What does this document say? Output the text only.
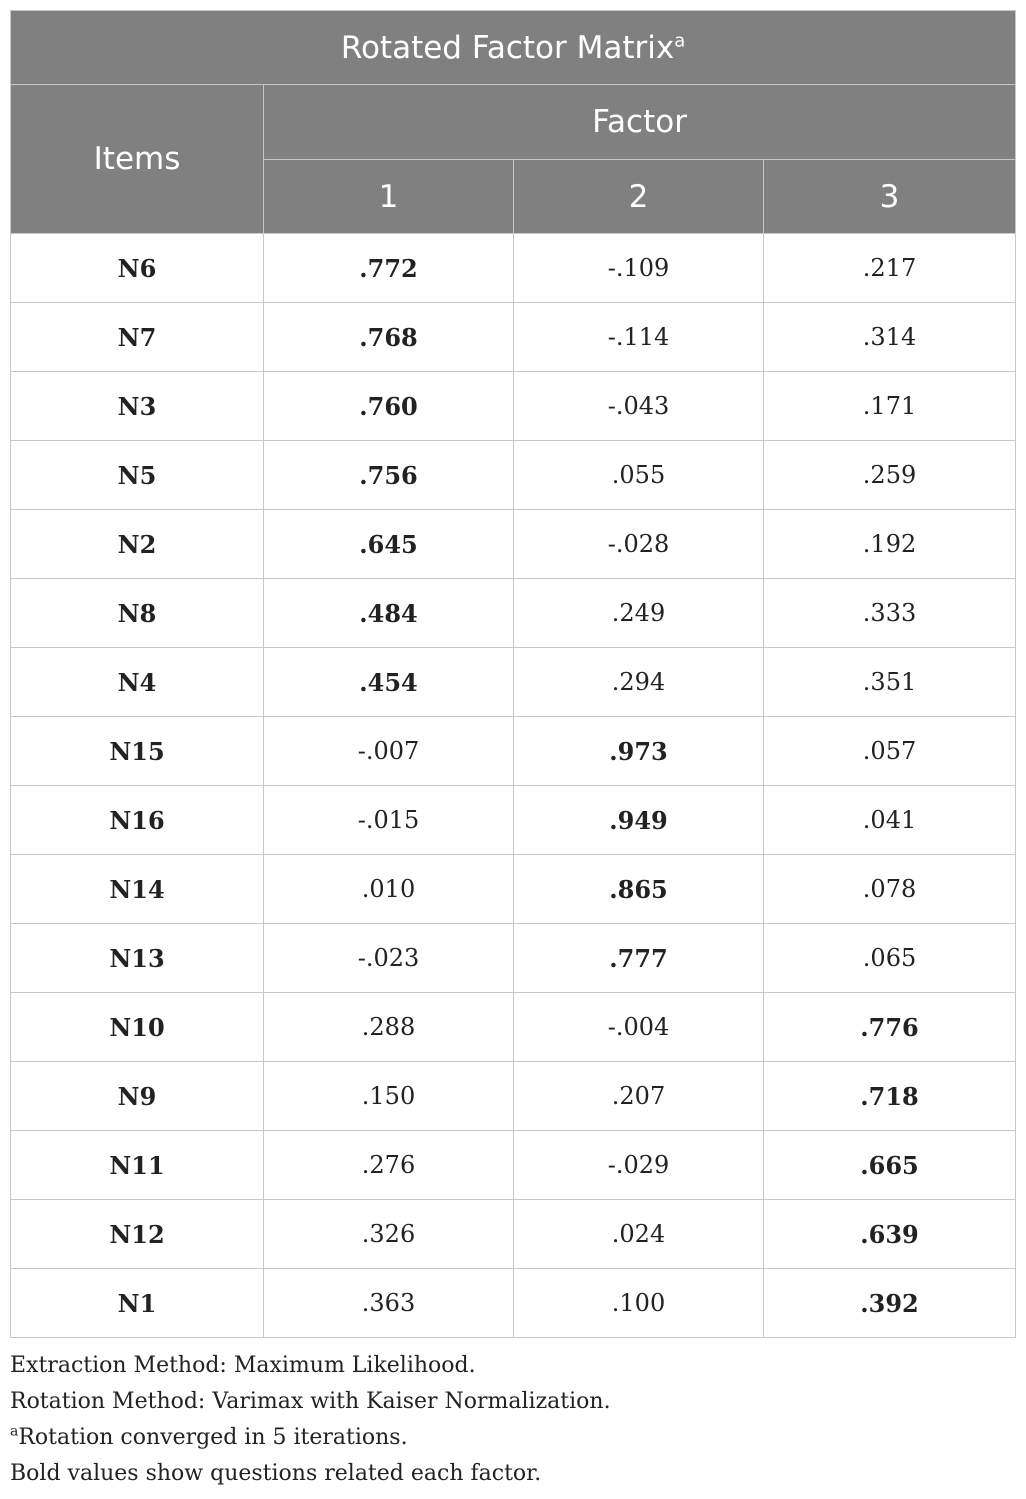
Rotated Factor Matrix$^a$
Items	Factor		
	1	2	3
N6	.772	-.109	.217
N7	.768	-.114	.314
N3	.760	-.043	.171
N5	.756	.055	.259
N2	.645	-.028	.192
N8	.484	.249	.333
N4	.454	.294	.351
N15	-.007	.973	.057
N16	-.015	.949	.041
N14	.010	.865	.078
N13	-.023	.777	.065
N10	.288	-.004	.776
N9	.150	.207	.718
N11	.276	-.029	.665
N12	.326	.024	.639
N1	.363	.100	.392
Extraction Method: Maximum Likelihood.
Rotation Method: Varimax with Kaiser Normalization.
$^a$Rotation converged in 5 iterations.
Bold values show questions related each factor.
